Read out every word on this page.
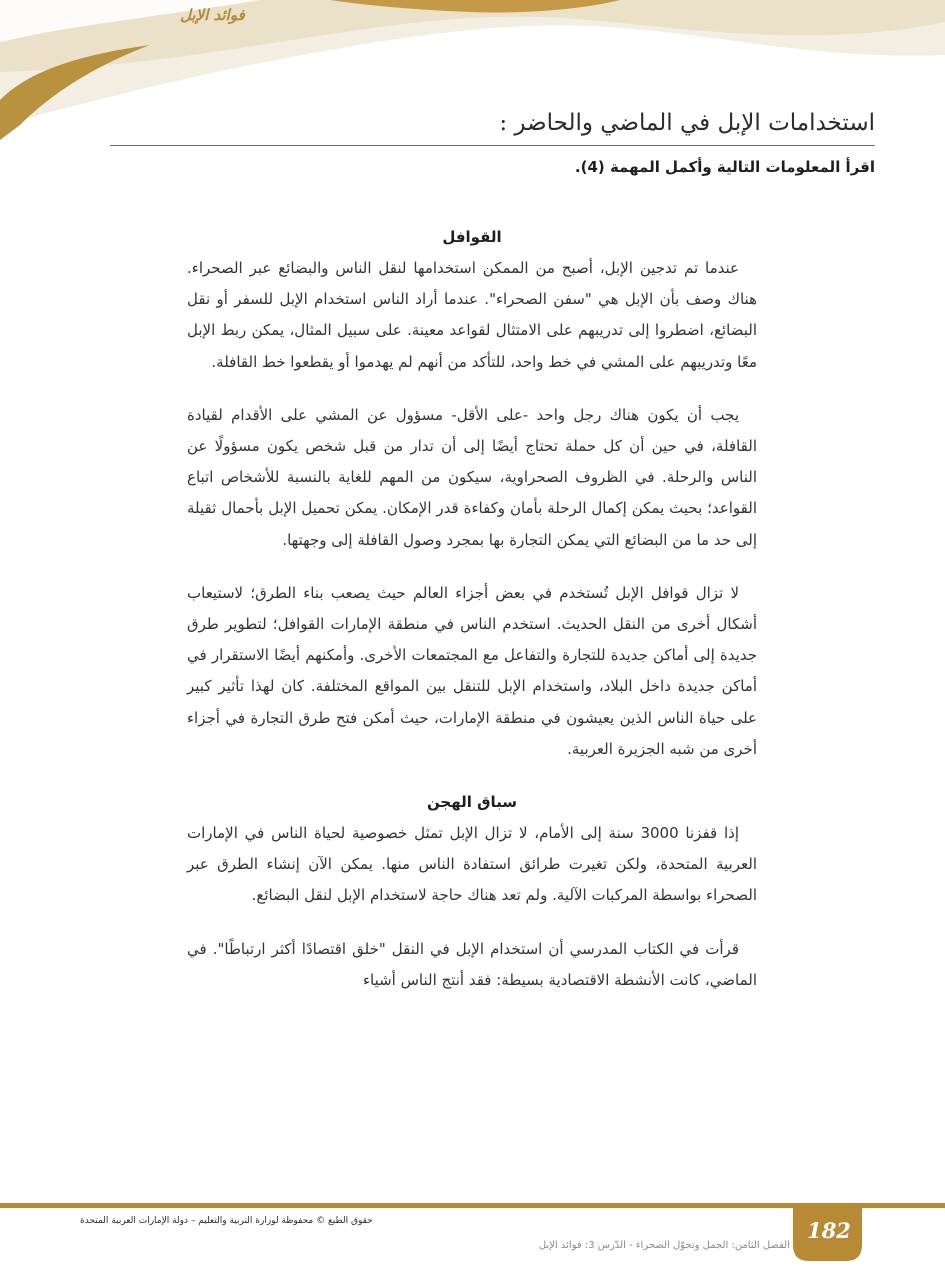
فوائد الإبل
استخدامات الإبل في الماضي والحاضر :
اقرأ المعلومات التالية وأكمل المهمة (4).
القوافل

عندما تم تدجين الإبل، أصبح من الممكن استخدامها لنقل الناس والبضائع عبر الصحراء. هناك وصف بأن الإبل هي "سفن الصحراء". عندما أراد الناس استخدام الإبل للسفر أو نقل البضائع، اضطروا إلى تدريبهم على الامتثال لقواعد معينة. على سبيل المثال، يمكن ربط الإبل معًا وتدريبهم على المشي في خط واحد، للتأكد من أنهم لم يهدموا أو يقطعوا خط القافلة.

يجب أن يكون هناك رجل واحد -على الأقل- مسؤول عن المشي على الأقدام لقيادة القافلة، في حين أن كل حملة تحتاج أيضًا إلى أن تدار من قبل شخص يكون مسؤولًا عن الناس والرحلة. في الظروف الصحراوية، سيكون من المهم للغاية بالنسبة للأشخاص اتباع القواعد؛ بحيث يمكن إكمال الرحلة بأمان وكفاءة قدر الإمكان. يمكن تحميل الإبل بأحمال ثقيلة إلى حد ما من البضائع التي يمكن التجارة بها بمجرد وصول القافلة إلى وجهتها.

لا تزال قوافل الإبل تُستخدم في بعض أجزاء العالم حيث يصعب بناء الطرق؛ لاستيعاب أشكال أخرى من النقل الحديث. استخدم الناس في منطقة الإمارات القوافل؛ لتطوير طرق جديدة إلى أماكن جديدة للتجارة والتفاعل مع المجتمعات الأخرى. وأمكنهم أيضًا الاستقرار في أماكن جديدة داخل البلاد، واستخدام الإبل للتنقل بين المواقع المختلفة. كان لهذا تأثير كبير على حياة الناس الذين يعيشون في منطقة الإمارات، حيث أمكن فتح طرق التجارة في أجزاء أخرى من شبه الجزيرة العربية.

سباق الهجن

إذا قفزنا 3000 سنة إلى الأمام، لا تزال الإبل تمثل خصوصية لحياة الناس في الإمارات العربية المتحدة، ولكن تغيرت طرائق استفادة الناس منها. يمكن الآن إنشاء الطرق عبر الصحراء بواسطة المركبات الآلية. ولم تعد هناك حاجة لاستخدام الإبل لنقل البضائع.

قرأت في الكتاب المدرسي أن استخدام الإبل في النقل "خلق اقتصادًا أكثر ارتباطًا". في الماضي، كانت الأنشطة الاقتصادية بسيطة: فقد أنتج الناس أشياء

182
الفصل الثامن: الجمل وتحوّل الصحراء - الدّرس 3: فوائد الإبل
حقوق الطبع © محفوظة لوزارة التربية والتعليم – دولة الإمارات العربية المتحدة
